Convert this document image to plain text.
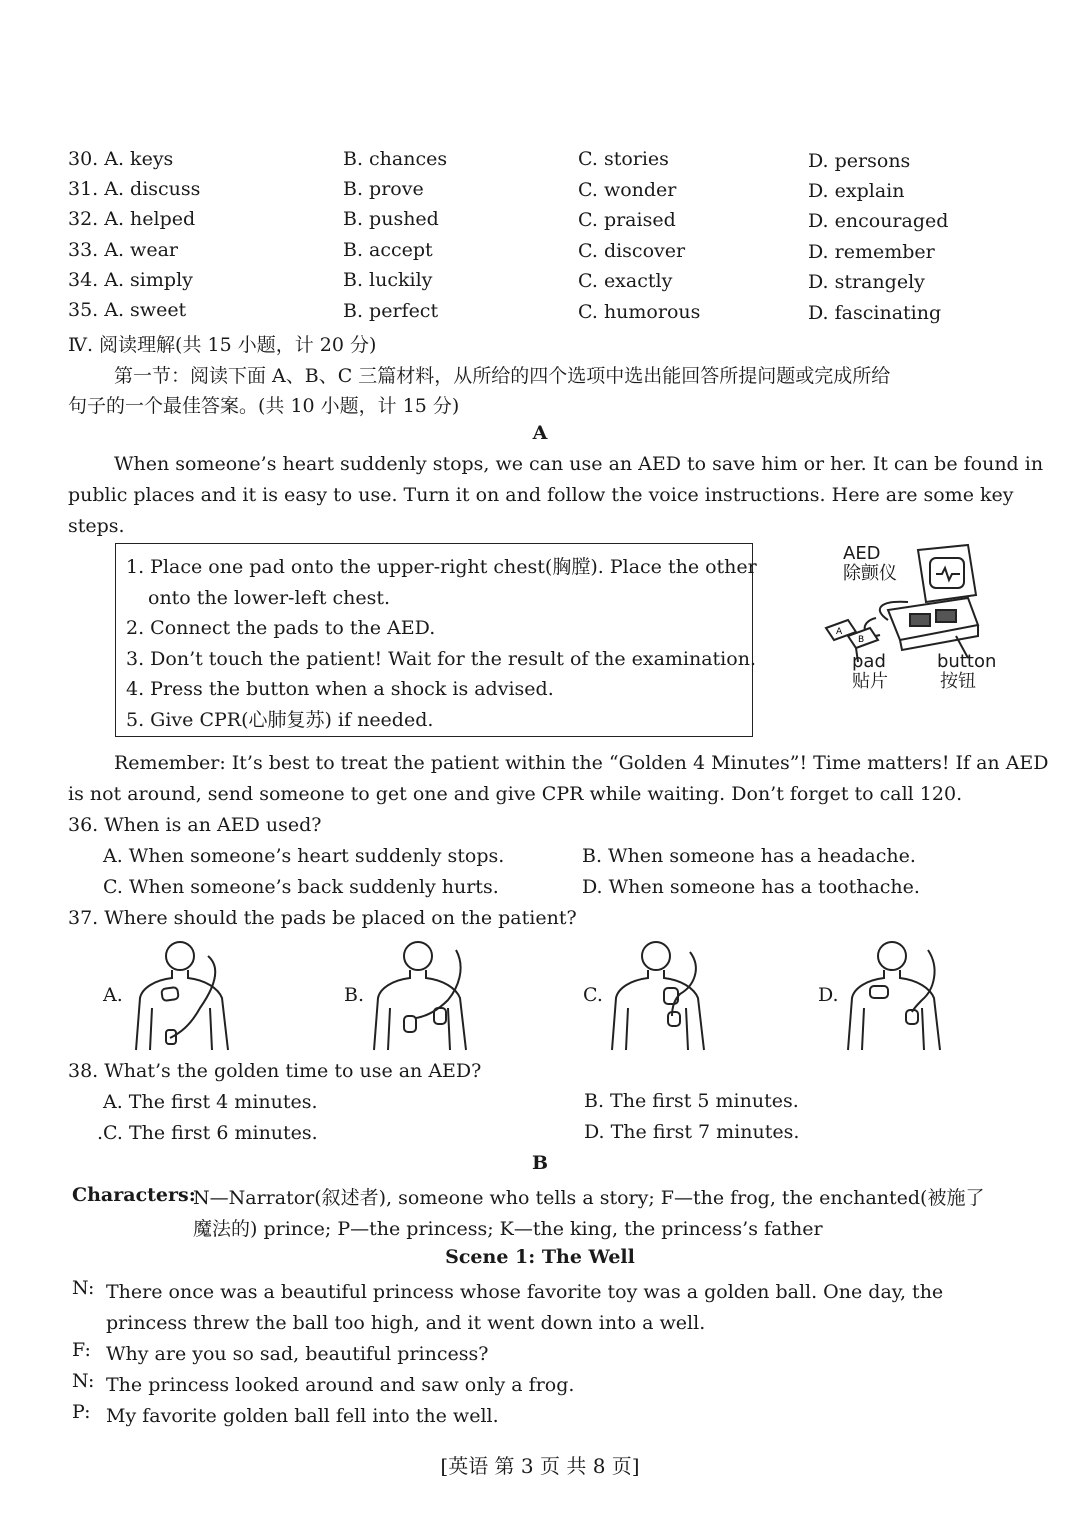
30. A. keys	B. chances	C. stories	D. persons
31. A. discuss	B. prove	C. wonder	D. explain
32. A. helped	B. pushed	C. praised	D. encouraged
33. A. wear	B. accept	C. discover	D. remember
34. A. simply	B. luckily	C. exactly	D. strangely
35. A. sweet	B. perfect	C. humorous	D. fascinating
Ⅳ. 阅读理解(共 15 小题，计 20 分)
第一节：阅读下面 A、B、C 三篇材料，从所给的四个选项中选出能回答所提问题或完成所给
句子的一个最佳答案。(共 10 小题，计 15 分)
A
When someone’s heart suddenly stops, we can use an AED to save him or her. It can be found in
public places and it is easy to use. Turn it on and follow the voice instructions. Here are some key
steps.
1. Place one pad onto the upper-right chest(胸膛). Place the other
onto the lower-left chest.
2. Connect the pads to the AED.
3. Don’t touch the patient! Wait for the result of the examination.
4. Press the button when a shock is advised.
5. Give CPR(心肺复苏) if needed.
AED
除颤仪
A
B
pad
贴片
button
按钮
Remember: It’s best to treat the patient within the “Golden 4 Minutes”! Time matters! If an AED
is not around, send someone to get one and give CPR while waiting. Don’t forget to call 120.
36. When is an AED used?
A. When someone’s heart suddenly stops.	B. When someone has a headache.
C. When someone’s back suddenly hurts.	D. When someone has a toothache.
37. Where should the pads be placed on the patient?
A.	B.	C.	D.
38. What’s the golden time to use an AED?
A. The first 4 minutes.	B. The first 5 minutes.
.C. The first 6 minutes.	D. The first 7 minutes.
B
Characters:
N—Narrator(叙述者), someone who tells a story; F—the frog, the enchanted(被施了
魔法的) prince; P—the princess; K—the king, the princess’s father
Scene 1: The Well
N: There once was a beautiful princess whose favorite toy was a golden ball. One day, the princess threw the ball too high, and it went down into a well.
F: Why are you so sad, beautiful princess?
N: The princess looked around and saw only a frog.
P: My favorite golden ball fell into the well.
[英语 第 3 页 共 8 页]
